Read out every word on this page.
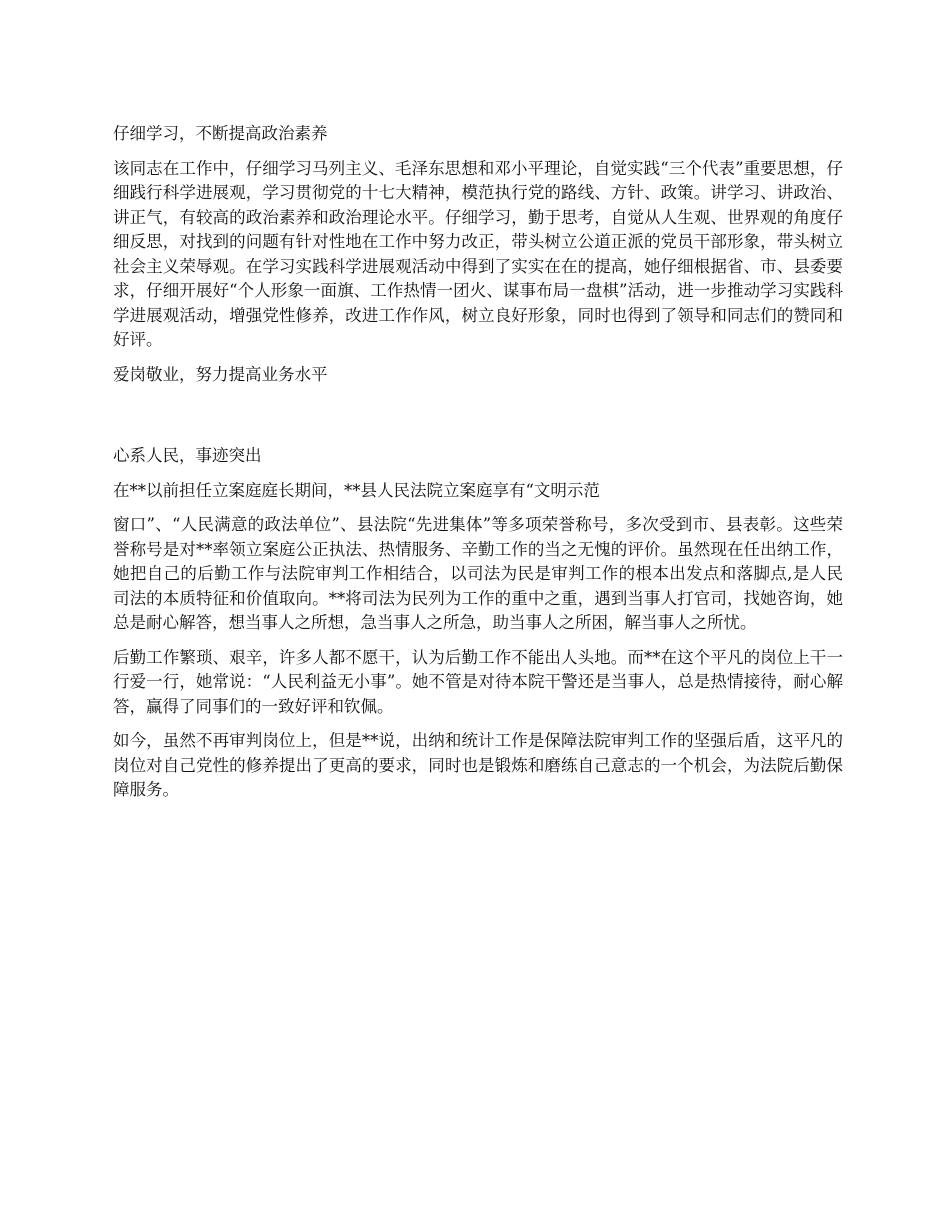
仔细学习，不断提高政治素养

该同志在工作中，仔细学习马列主义、毛泽东思想和邓小平理论，自觉实践“三个代表”重要思想，仔细践行科学进展观，学习贯彻党的十七大精神，模范执行党的路线、方针、政策。讲学习、讲政治、讲正气，有较高的政治素养和政治理论水平。仔细学习，勤于思考，自觉从人生观、世界观的角度仔细反思，对找到的问题有针对性地在工作中努力改正，带头树立公道正派的党员干部形象，带头树立社会主义荣辱观。在学习实践科学进展观活动中得到了实实在在的提高，她仔细根据省、市、县委要求，仔细开展好“个人形象一面旗、工作热情一团火、谋事布局一盘棋”活动，进一步推动学习实践科学进展观活动，增强党性修养，改进工作作风，树立良好形象，同时也得到了领导和同志们的赞同和好评。

爱岗敬业，努力提高业务水平

心系人民，事迹突出

在**以前担任立案庭庭长期间，**县人民法院立案庭享有“文明示范

窗口”、“人民满意的政法单位”、县法院“先进集体”等多项荣誉称号，多次受到市、县表彰。这些荣誉称号是对**率领立案庭公正执法、热情服务、辛勤工作的当之无愧的评价。虽然现在任出纳工作，她把自己的后勤工作与法院审判工作相结合，以司法为民是审判工作的根本出发点和落脚点,是人民司法的本质特征和价值取向。**将司法为民列为工作的重中之重，遇到当事人打官司，找她咨询，她总是耐心解答，想当事人之所想，急当事人之所急，助当事人之所困，解当事人之所忧。

后勤工作繁琐、艰辛，许多人都不愿干，认为后勤工作不能出人头地。而**在这个平凡的岗位上干一行爱一行，她常说：“人民利益无小事”。她不管是对待本院干警还是当事人，总是热情接待，耐心解答，赢得了同事们的一致好评和钦佩。

如今，虽然不再审判岗位上，但是**说，出纳和统计工作是保障法院审判工作的坚强后盾，这平凡的岗位对自己党性的修养提出了更高的要求，同时也是锻炼和磨练自己意志的一个机会，为法院后勤保障服务。
